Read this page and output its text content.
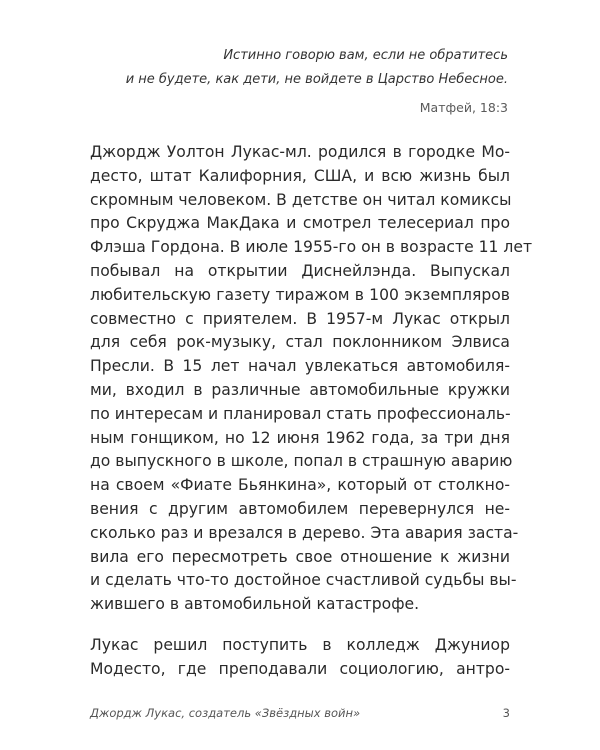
Истинно говорю вам, если не обратитесь
и не будете, как дети, не войдете в Царство Небесное.
Матфей, 18:3
Джордж Уолтон Лукас-мл. родился в городке Мо-
десто, штат Калифорния, США, и всю жизнь был
скромным человеком. В детстве он читал комиксы
про Скруджа МакДака и смотрел телесериал про
Флэша Гордона. В июле 1955-го он в возрасте 11 лет
побывал на открытии Диснейлэнда. Выпускал
любительскую газету тиражом в 100 экземпляров
совместно с приятелем. В 1957-м Лукас открыл
для себя рок-музыку, стал поклонником Элвиса
Пресли. В 15 лет начал увлекаться автомобиля-
ми, входил в различные автомобильные кружки
по интересам и планировал стать профессиональ-
ным гонщиком, но 12 июня 1962 года, за три дня
до выпускного в школе, попал в страшную аварию
на своем «Фиате Бьянкина», который от столкно-
вения с другим автомобилем перевернулся не-
сколько раз и врезался в дерево. Эта авария заста-
вила его пересмотреть свое отношение к жизни
и сделать что-то достойное счастливой судьбы вы-
жившего в автомобильной катастрофе.
Лукас решил поступить в колледж Джуниор
Модесто, где преподавали социологию, антро-
Джордж Лукас, создатель «Звёздных войн»	3
